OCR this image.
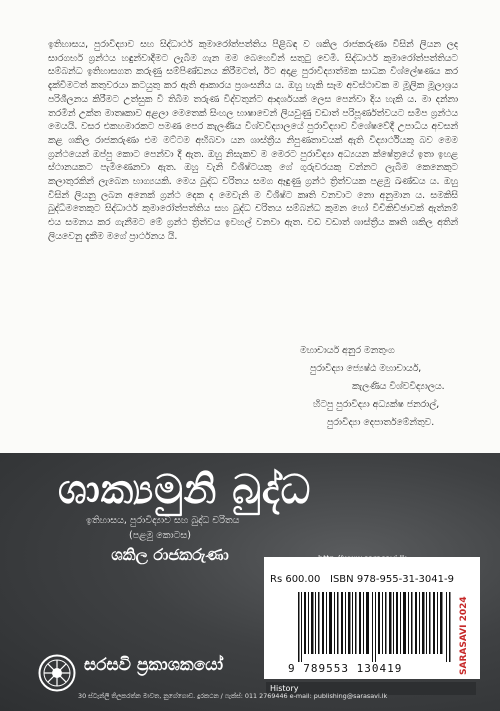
ඉතිහාසය, පුරාවිද්‍යාව සහ සිද්ධාර්ථ කුමාරෝත්පත්තිය පිළිබඳ ව ශකිල රාජකරුණා විසින් ලියන ලද සාරගර්භ ග්‍රන්ථය හඳුන්වාදීමට ලැබීම ගැන මම බෙහෙවින් සතුටු වෙමි. සිද්ධාර්ථ කුමාරෝත්පත්තියට සම්බන්ධ ඉතිහාසගත කරුණු සම්පිණ්ඩනය කිරීමටත්, ඊට අදාළ පුරාවිද්‍යාත්මක සාධක විශ්ලේෂණය කර දැක්වීමටත් කතුවරයා කටයුතු කර ඇති ආකාරය ප්‍රශංසනීය ය. ඔහු හැකි සෑම අවස්ථාවක ම මූලික මූලාශ්‍රය පරිශීලනය කිරීමට උත්සුක වී තිබීම තරුණ විද්වතුන්ට ආදර්ශයක් ලෙස පෙන්වා දිය හැකි ය. මා දන්නා තරමින් උක්ත මාතෘකාව අළලා මෙතෙක් සිංහල භාෂාවෙන් ලියවුණු වඩාත් පරිපූර්ණත්වයට සමීප ග්‍රන්ථය මෙයයි. වසර එකහමාරකට පමණ පෙර කැලණිය විශ්වවිද්‍යාලයේ පුරාවිද්‍යාව විශේෂවේදී උපාධිය අවසන් කළ ශකිල රාජකරුණා එම මට්ටම අභිබවා යන ශාස්ත්‍රීය නිපුණතාවයක් ඇති විද්‍යාර්ථියකු බව මෙම ග්‍රන්ථයෙන් ඔප්පු කොට පෙන්වා දී ඇත. ඔහු නිසැකව ම මෙරට පුරාවිද්‍යා අධ්‍යයන ක්ෂේත්‍රයේ ඉතා ඉහළ ස්ථානයකට පැමිණෙනවා ඇත. ඔහු වැනි විශිෂ්ටයකු ගේ ගුරුවරයකු වන්නට ලැබීම කෙනෙකුට කලාතුරකින් ලැබෙන භාග්‍යයකි. මෙය බුද්ධ චරිතය සමග ඈඳුණු ග්‍රන්ථ ත්‍රිත්වයක පළමු ඛණ්ඩය ය. ඔහු විසින් ලියනු ලබන අනෙක් ග්‍රන්ථ දෙක ද මෙවැනි ම විශිෂ්ට කෘති වනවාට නො අනුමාන ය. සමකිසි බුද්ධිමතෙකුට සිද්ධාර්ථ කුමාරෝත්පත්තිය සහ බුද්ධ චරිතය සම්බන්ධ කුමන හෝ විචිකිච්ඡාවක් ඇත්නම් එය සමනය කර ගැනීමට මේ ග්‍රන්ථ ත්‍රිත්වය ඉවහල් වනවා ඇත. වඩ වඩාත් ශාස්ත්‍රීය කෘති ශකිල අතින් ලියවෙනු දැකීම මගේ ප්‍රාර්ථනය යි.

මහාචාර්ය අනුර මනතුංග
පුරාවිද්‍යා ජ්‍යෙෂ්ඨ මහාචාර්ය,
කැලණිය විශ්වවිද්‍යාලය.
හිටපු පුරාවිද්‍යා අධ්‍යක්ෂ ජනරාල්,
පුරාවිද්‍යා දෙපාර්තමේන්තුව.
ශාක්‍යමුනි බුද්ධ
ඉතිහාසය, පුරාවිද්‍යාව සහ බුද්ධ චරිතය
(පළමු කොටස)
ශකිල රාජකරුණා
Rs 600.00 ISBN 978-955-31-3041-9
9 789553 130419	SARASAVI 2024
History
සරසවි ප්‍රකාශකයෝ
30 ස්ටැන්ලි තිලකරත්න මාවත, නුගේගොඩ. දුරකථන / ෆැක්ස්: 011 2769446 e-mail: publishing@sarasavi.lk
